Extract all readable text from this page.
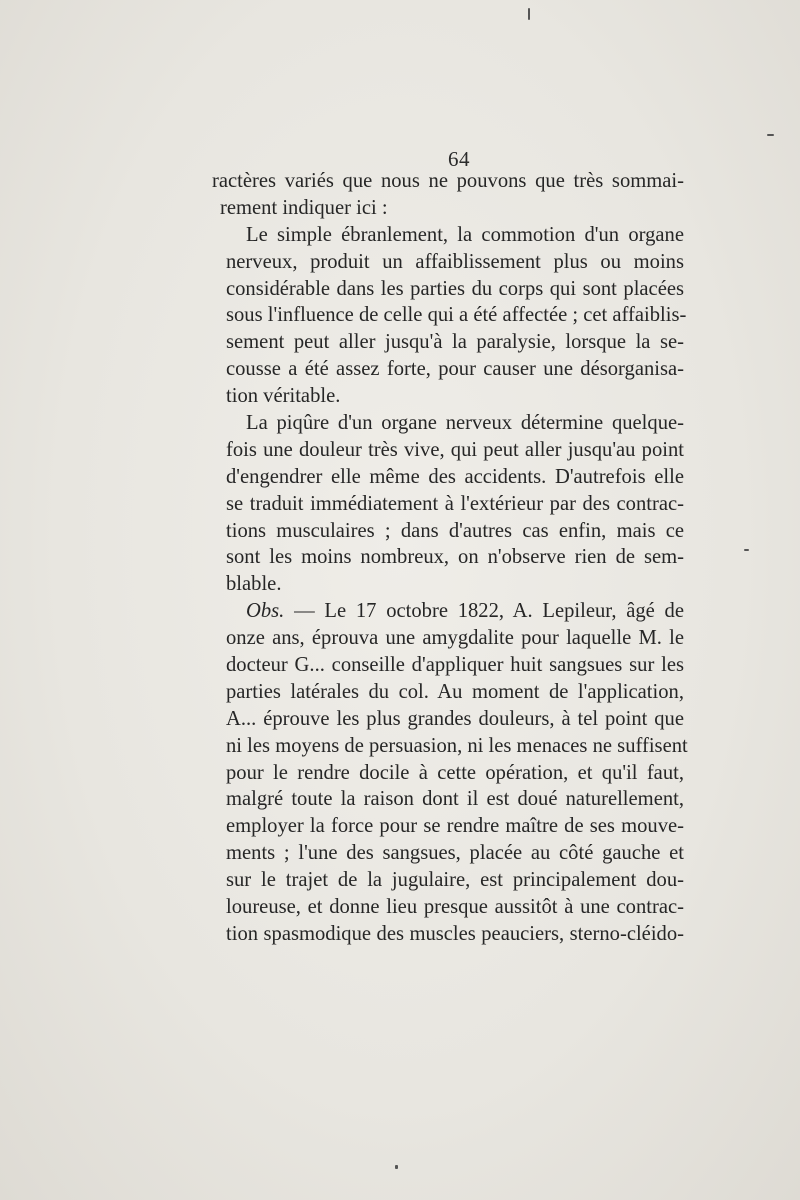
64
ractères variés que nous ne pouvons que très sommai-
rement indiquer ici :
Le simple ébranlement, la commotion d'un organe
nerveux, produit un affaiblissement plus ou moins
considérable dans les parties du corps qui sont placées
sous l'influence de celle qui a été affectée ; cet affaiblis-
sement peut aller jusqu'à la paralysie, lorsque la se-
cousse a été assez forte, pour causer une désorganisa-
tion véritable.
La piqûre d'un organe nerveux détermine quelque-
fois une douleur très vive, qui peut aller jusqu'au point
d'engendrer elle même des accidents. D'autrefois elle
se traduit immédiatement à l'extérieur par des contrac-
tions musculaires ; dans d'autres cas enfin, mais ce
sont les moins nombreux, on n'observe rien de sem-
blable.
Obs. — Le 17 octobre 1822, A. Lepileur, âgé de
onze ans, éprouva une amygdalite pour laquelle M. le
docteur G... conseille d'appliquer huit sangsues sur les
parties latérales du col. Au moment de l'application,
A... éprouve les plus grandes douleurs, à tel point que
ni les moyens de persuasion, ni les menaces ne suffisent
pour le rendre docile à cette opération, et qu'il faut,
malgré toute la raison dont il est doué naturellement,
employer la force pour se rendre maître de ses mouve-
ments ; l'une des sangsues, placée au côté gauche et
sur le trajet de la jugulaire, est principalement dou-
loureuse, et donne lieu presque aussitôt à une contrac-
tion spasmodique des muscles peauciers, sterno-cléido-
